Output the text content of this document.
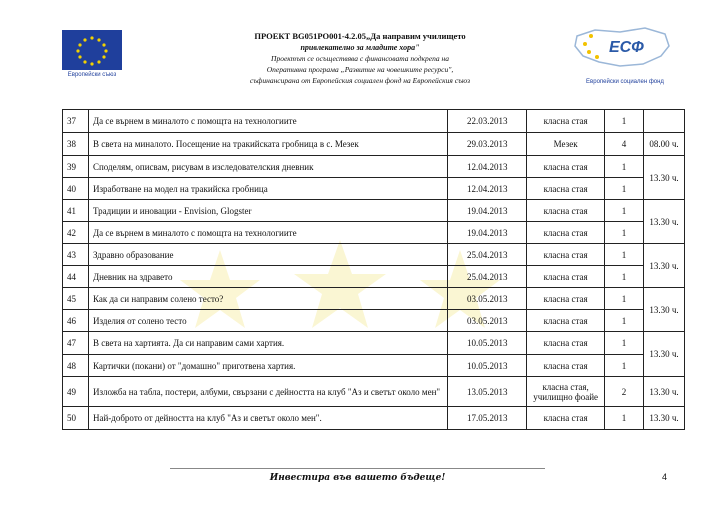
Европейски съюз
ПРОЕКТ BG051PO001-4.2.05„Да направим училището
привлекателно за младите хора"
Проектът се осъществява с финансовата подкрепа на
Оперативна програма „Развитие на човешките ресурси",
съфинансирана от Европейския социален фонд на Европейския съюз
ЕСФ
Европейски социален фонд
37	Да се върнем в миналото с помощта на технологиите	22.03.2013	класна стая	1	
38	В света на миналото. Посещение на тракийската гробница в с. Мезек	29.03.2013	Мезек	4	08.00 ч.
39	Споделям, описвам, рисувам в изследователския дневник	12.04.2013	класна стая	1	13.30 ч.
40	Изработване на модел на тракийска гробница	12.04.2013	класна стая	1	
41	Традиции и иновации - Envision, Glogster	19.04.2013	класна стая	1	13.30 ч.
42	Да се върнем в миналото с помощта на технологиите	19.04.2013	класна стая	1	
43	Здравно образование	25.04.2013	класна стая	1	13.30 ч.
44	Дневник на здравето	25.04.2013	класна стая	1	
45	Как да си направим солено тесто?	03.05.2013	класна стая	1	13.30 ч.
46	Изделия от солено тесто	03.05.2013	класна стая	1	
47	В света на хартията. Да си направим сами хартия.	10.05.2013	класна стая	1	13.30 ч.
48	Картички (покани) от "домашно" приготвена хартия.	10.05.2013	класна стая	1	
49	Изложба на табла, постери, албуми, свързани с дейността на клуб "Аз и светът около мен"	13.05.2013	класна стая, училищно фоайе	2	13.30 ч.
50	Най-доброто от дейността на клуб "Аз и светът около мен".	17.05.2013	класна стая	1	13.30 ч.
Инвестира във вашето бъдеще!	4
